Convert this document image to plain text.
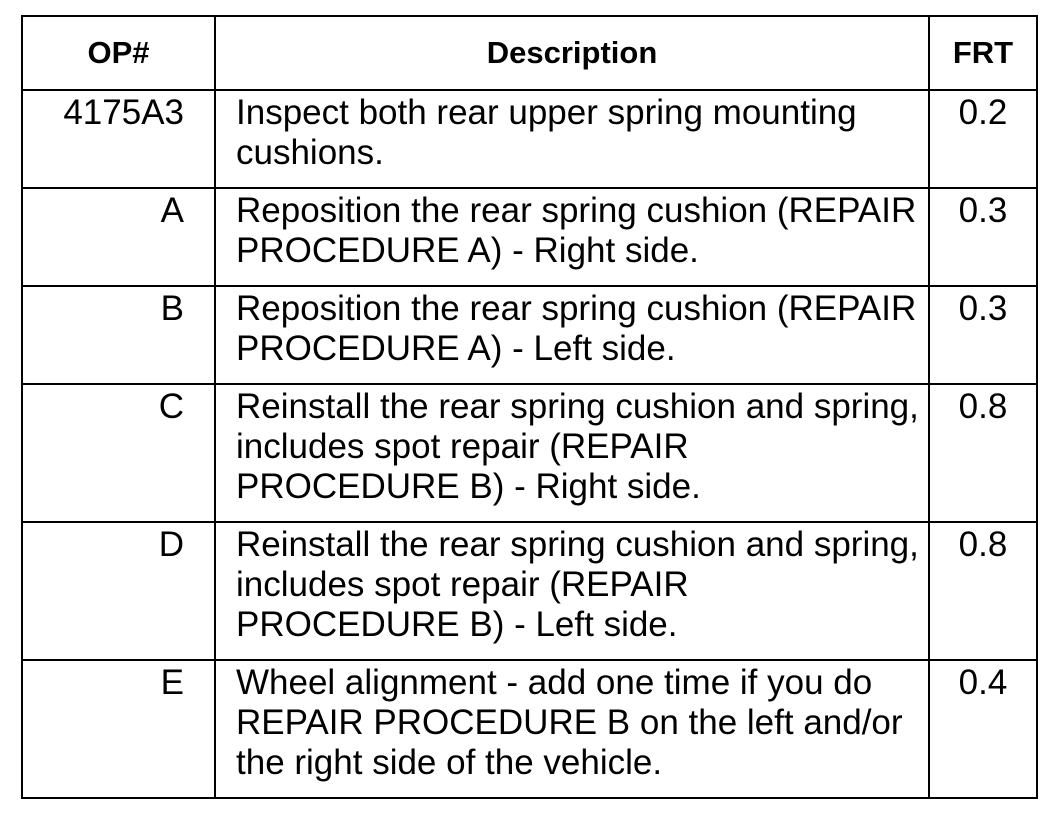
OP#	Description	FRT
4175A3	Inspect both rear upper spring mounting cushions.	0.2
A	Reposition the rear spring cushion (REPAIR PROCEDURE A) - Right side.	0.3
B	Reposition the rear spring cushion (REPAIR PROCEDURE A) - Left side.	0.3
C	Reinstall the rear spring cushion and spring, includes spot repair (REPAIR PROCEDURE B) - Right side.	0.8
D	Reinstall the rear spring cushion and spring, includes spot repair (REPAIR PROCEDURE B) - Left side.	0.8
E	Wheel alignment - add one time if you do REPAIR PROCEDURE B on the left and/or the right side of the vehicle.	0.4
